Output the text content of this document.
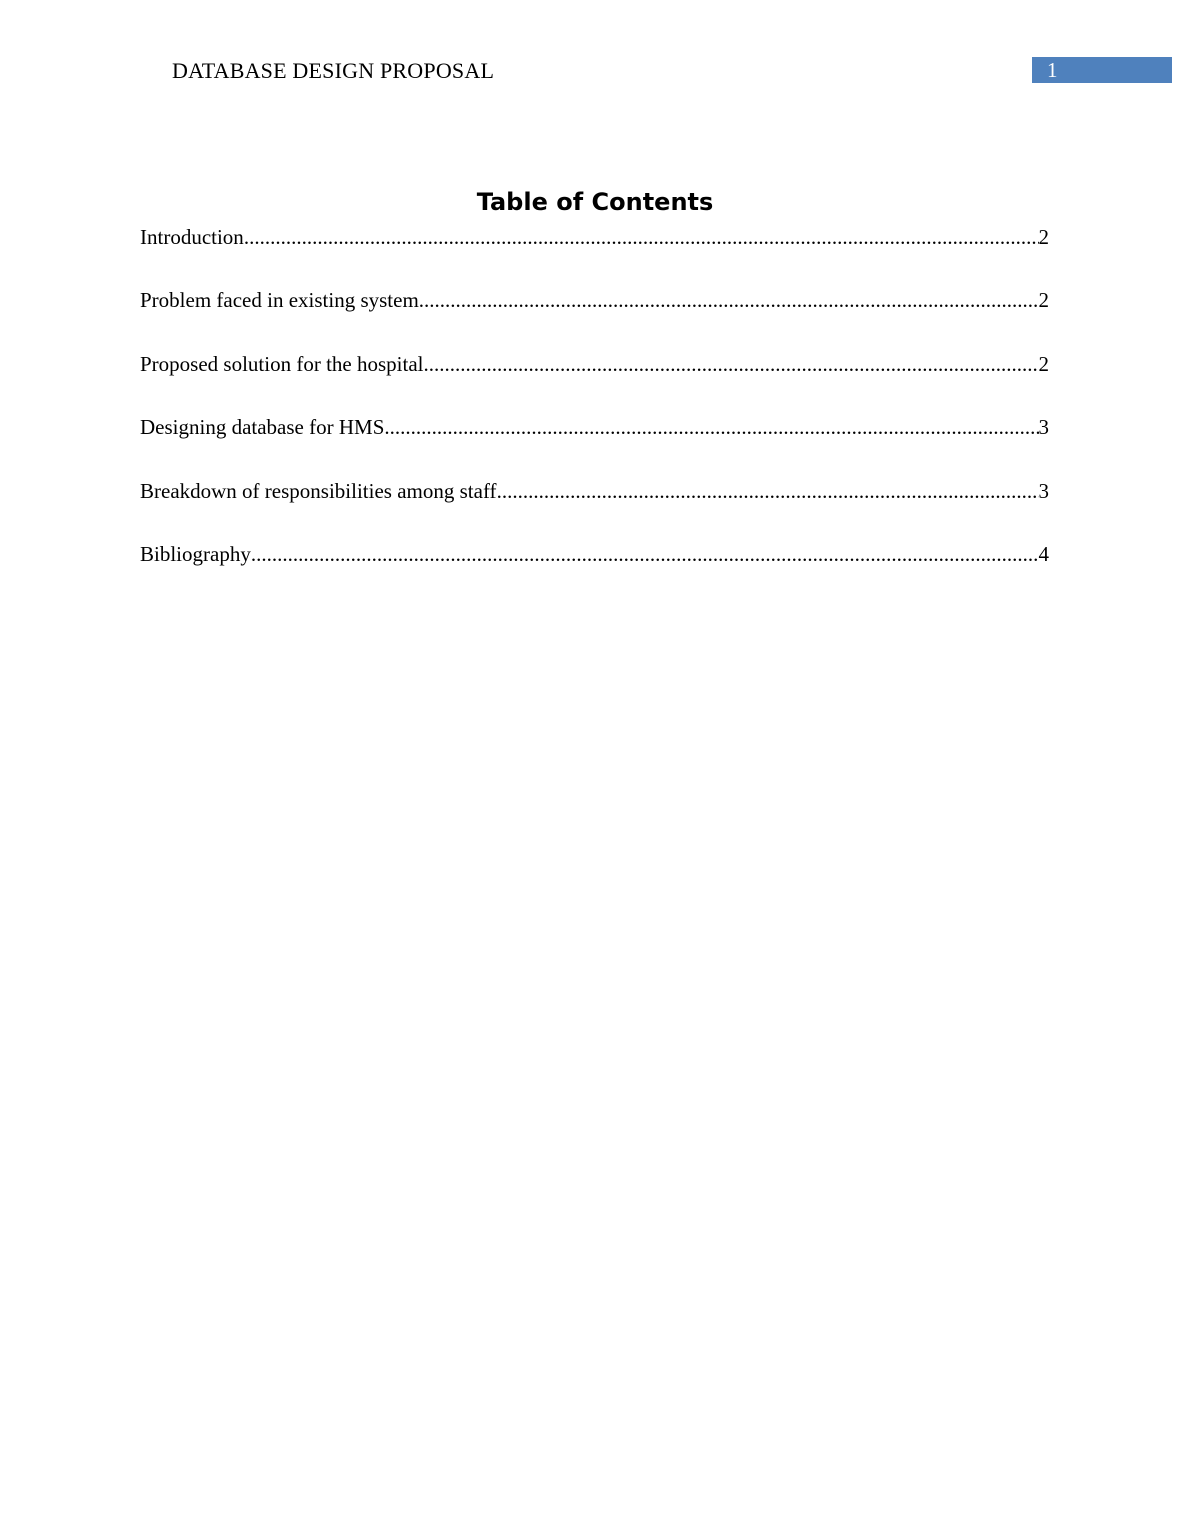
DATABASE DESIGN PROPOSAL	1
Table of Contents
Introduction .....	2
Problem faced in existing system .....	2
Proposed solution for the hospital .....	2
Designing database for HMS .....	3
Breakdown of responsibilities among staff .....	3
Bibliography .....	4
